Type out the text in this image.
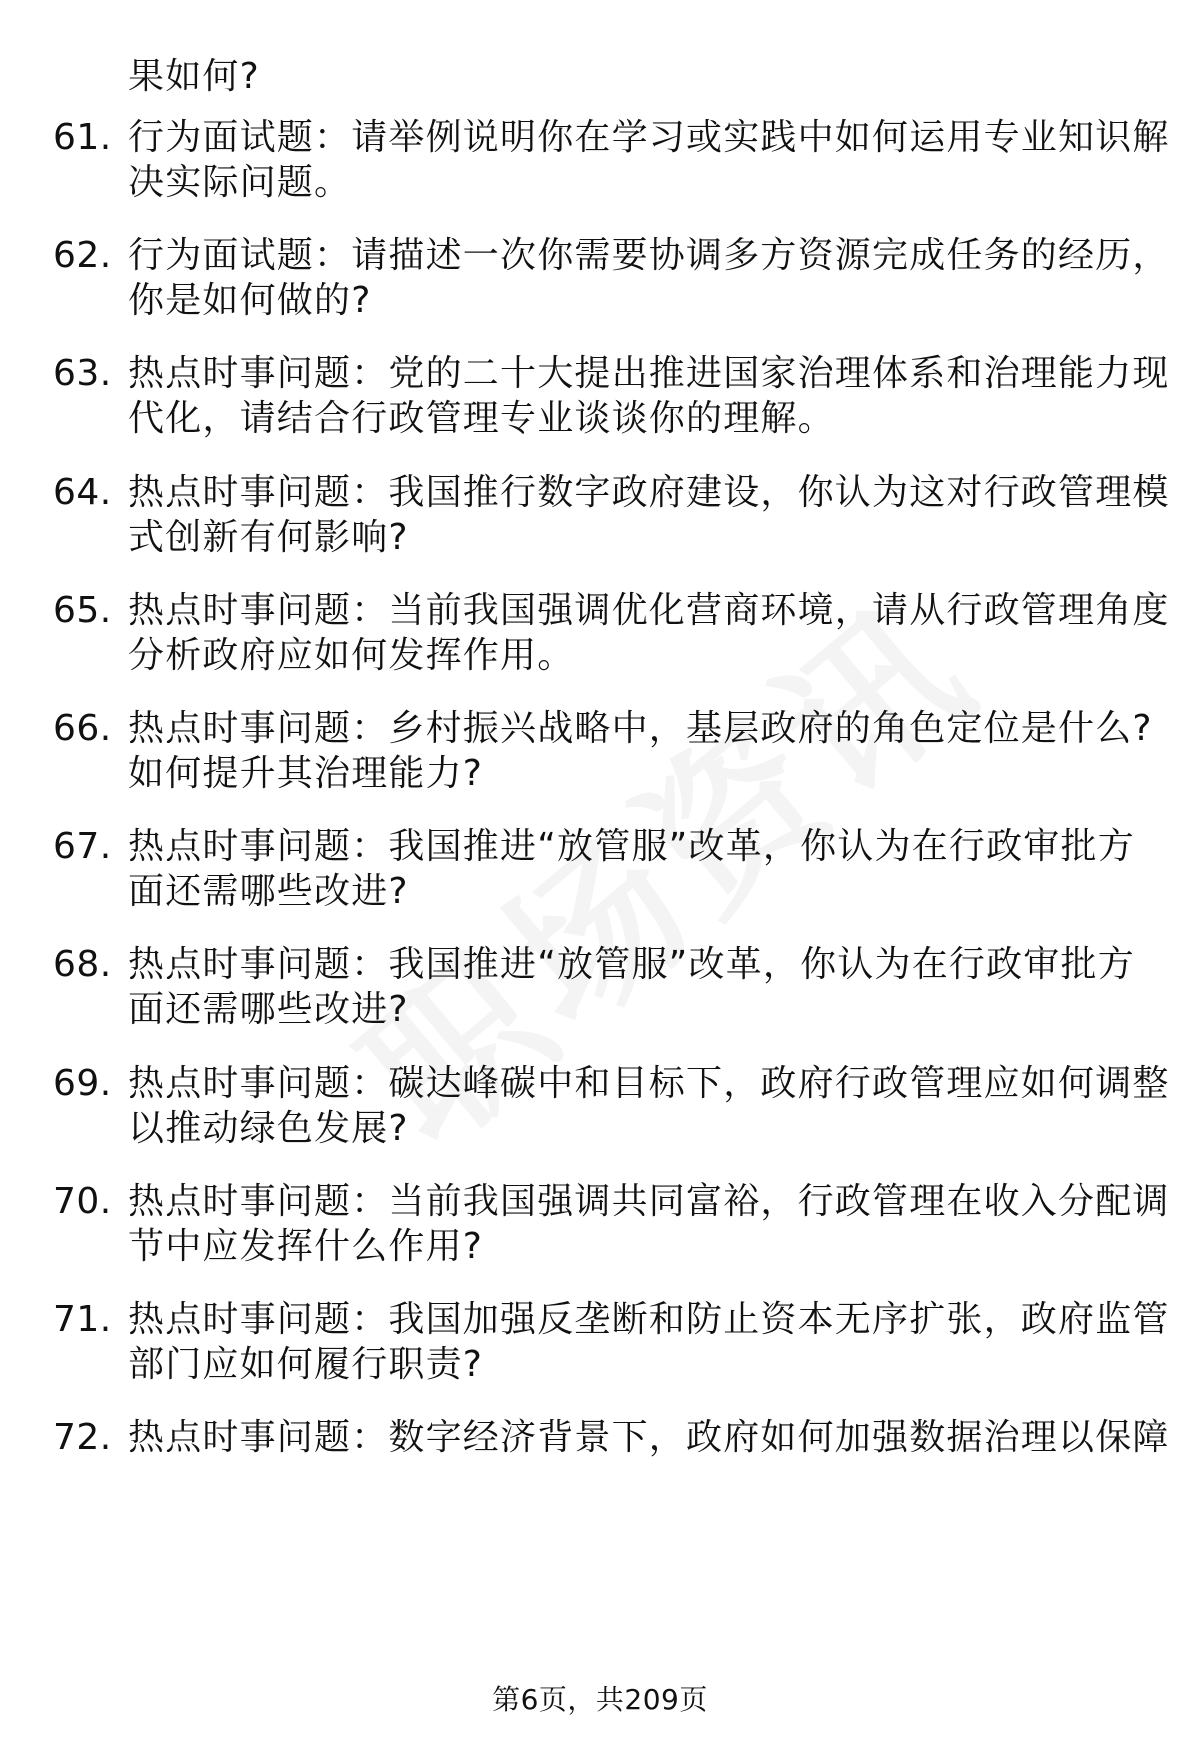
果如何?
61. 行为面试题：请举例说明你在学习或实践中如何运用专业知识解
决实际问题。
62. 行为面试题：请描述一次你需要协调多方资源完成任务的经历，
你是如何做的?
63. 热点时事问题：党的二十大提出推进国家治理体系和治理能力现
代化，请结合行政管理专业谈谈你的理解。
64. 热点时事问题：我国推行数字政府建设，你认为这对行政管理模
式创新有何影响?
65. 热点时事问题：当前我国强调优化营商环境，请从行政管理角度
分析政府应如何发挥作用。
66. 热点时事问题：乡村振兴战略中，基层政府的角色定位是什么?
如何提升其治理能力?
67. 热点时事问题：我国推进“放管服”改革，你认为在行政审批方
面还需哪些改进?
68. 热点时事问题：我国推进“放管服”改革，你认为在行政审批方
面还需哪些改进?
69. 热点时事问题：碳达峰碳中和目标下，政府行政管理应如何调整
以推动绿色发展?
70. 热点时事问题：当前我国强调共同富裕，行政管理在收入分配调
节中应发挥什么作用?
71. 热点时事问题：我国加强反垄断和防止资本无序扩张，政府监管
部门应如何履行职责?
72. 热点时事问题：数字经济背景下，政府如何加强数据治理以保障
第6页，共209页
